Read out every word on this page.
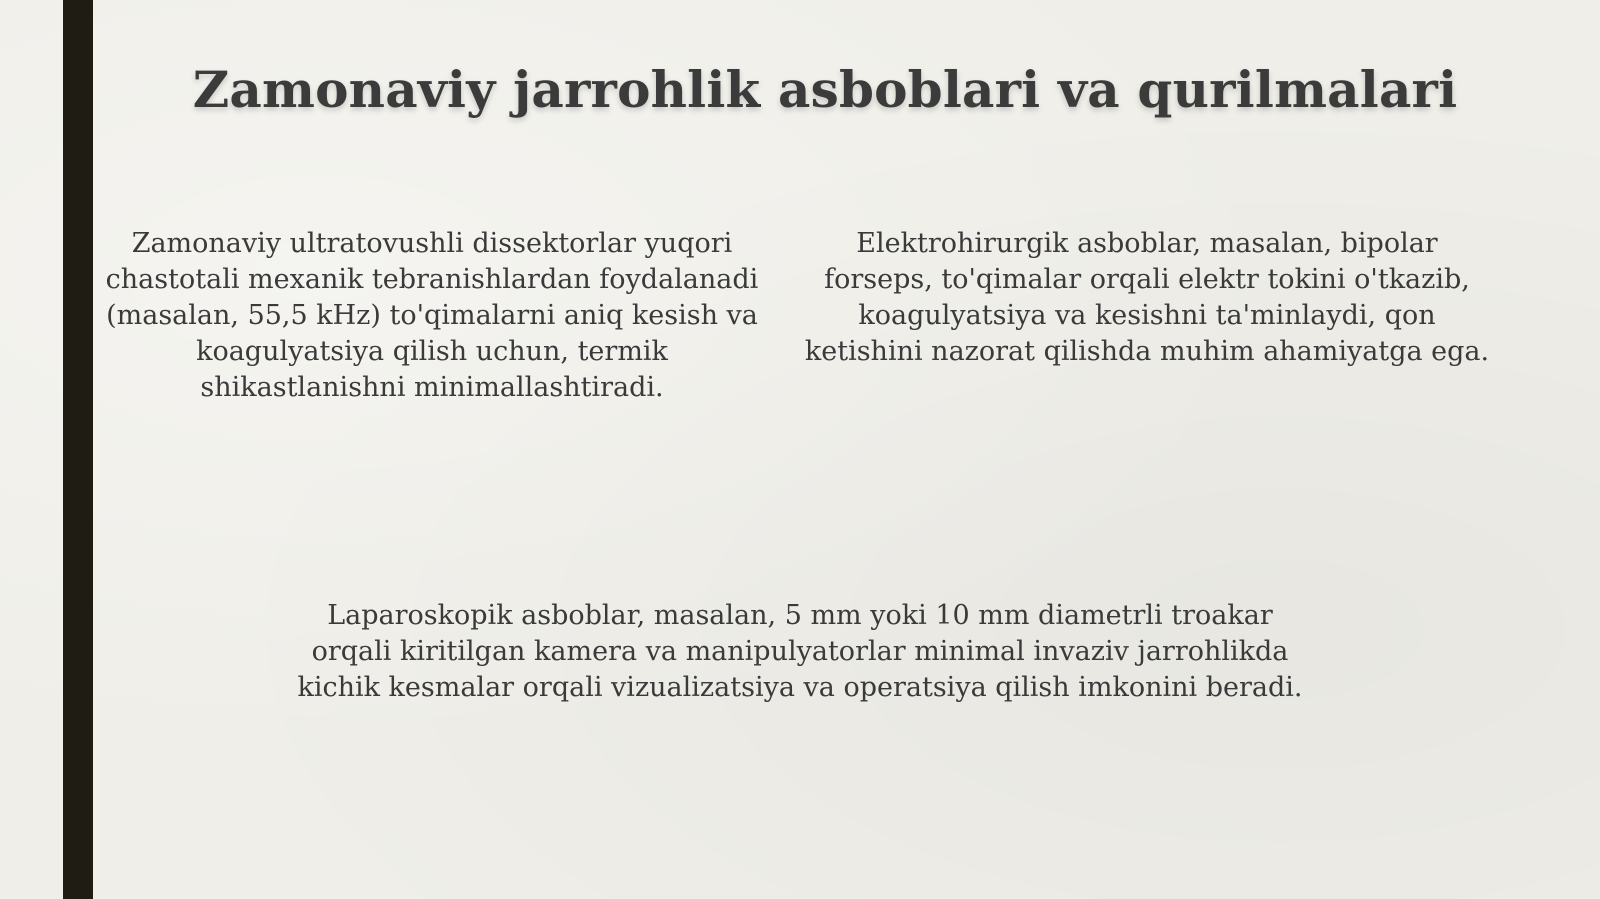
Zamonaviy jarrohlik asboblari va qurilmalari
Zamonaviy ultratovushli dissektorlar yuqori chastotali mexanik tebranishlardan foydalanadi (masalan, 55,5 kHz) to'qimalarni aniq kesish va koagulyatsiya qilish uchun, termik shikastlanishni minimallashtiradi.
Elektrohirurgik asboblar, masalan, bipolar forseps, to'qimalar orqali elektr tokini o'tkazib, koagulyatsiya va kesishni ta'minlaydi, qon ketishini nazorat qilishda muhim ahamiyatga ega.
Laparoskopik asboblar, masalan, 5 mm yoki 10 mm diametrli troakar orqali kiritilgan kamera va manipulyatorlar minimal invaziv jarrohlikda kichik kesmalar orqali vizualizatsiya va operatsiya qilish imkonini beradi.
